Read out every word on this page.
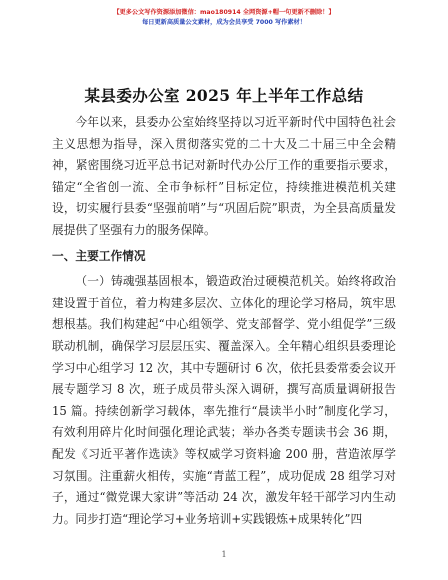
【更多公文写作资源添加微信：mao180914 全网资源+帽一句更新不删除！】
每日更新高质量公文素材，成为会员享受 7000 写作素材！
某县委办公室 2025 年上半年工作总结

今年以来，县委办公室始终坚持以习近平新时代中国特色社会主义思想为指导，深入贯彻落实党的二十大及二十届三中全会精神，紧密围绕习近平总书记对新时代办公厅工作的重要指示要求，锚定“全省创一流、全市争标杆”目标定位，持续推进模范机关建设，切实履行县委“坚强前哨”与“巩固后院”职责，为全县高质量发展提供了坚强有力的服务保障。

一、主要工作情况

（一）铸魂强基固根本，锻造政治过硬模范机关。始终将政治建设置于首位，着力构建多层次、立体化的理论学习格局，筑牢思想根基。我们构建起“中心组领学、党支部督学、党小组促学”三级联动机制，确保学习层层压实、覆盖深入。全年精心组织县委理论学习中心组学习 12 次，其中专题研讨 6 次，依托县委常委会议开展专题学习 8 次，班子成员带头深入调研，撰写高质量调研报告 15 篇。持续创新学习载体，率先推行“晨读半小时”制度化学习，有效利用碎片化时间强化理论武装；举办各类专题读书会 36 期，配发《习近平著作选读》等权威学习资料逾 200 册，营造浓厚学习氛围。注重薪火相传，实施“青蓝工程”，成功促成 28 组学习对子，通过“微党课大家讲”等活动 24 次，激发年轻干部学习内生动力。同步打造“理论学习+业务培训+实践锻炼+成果转化”四

1
